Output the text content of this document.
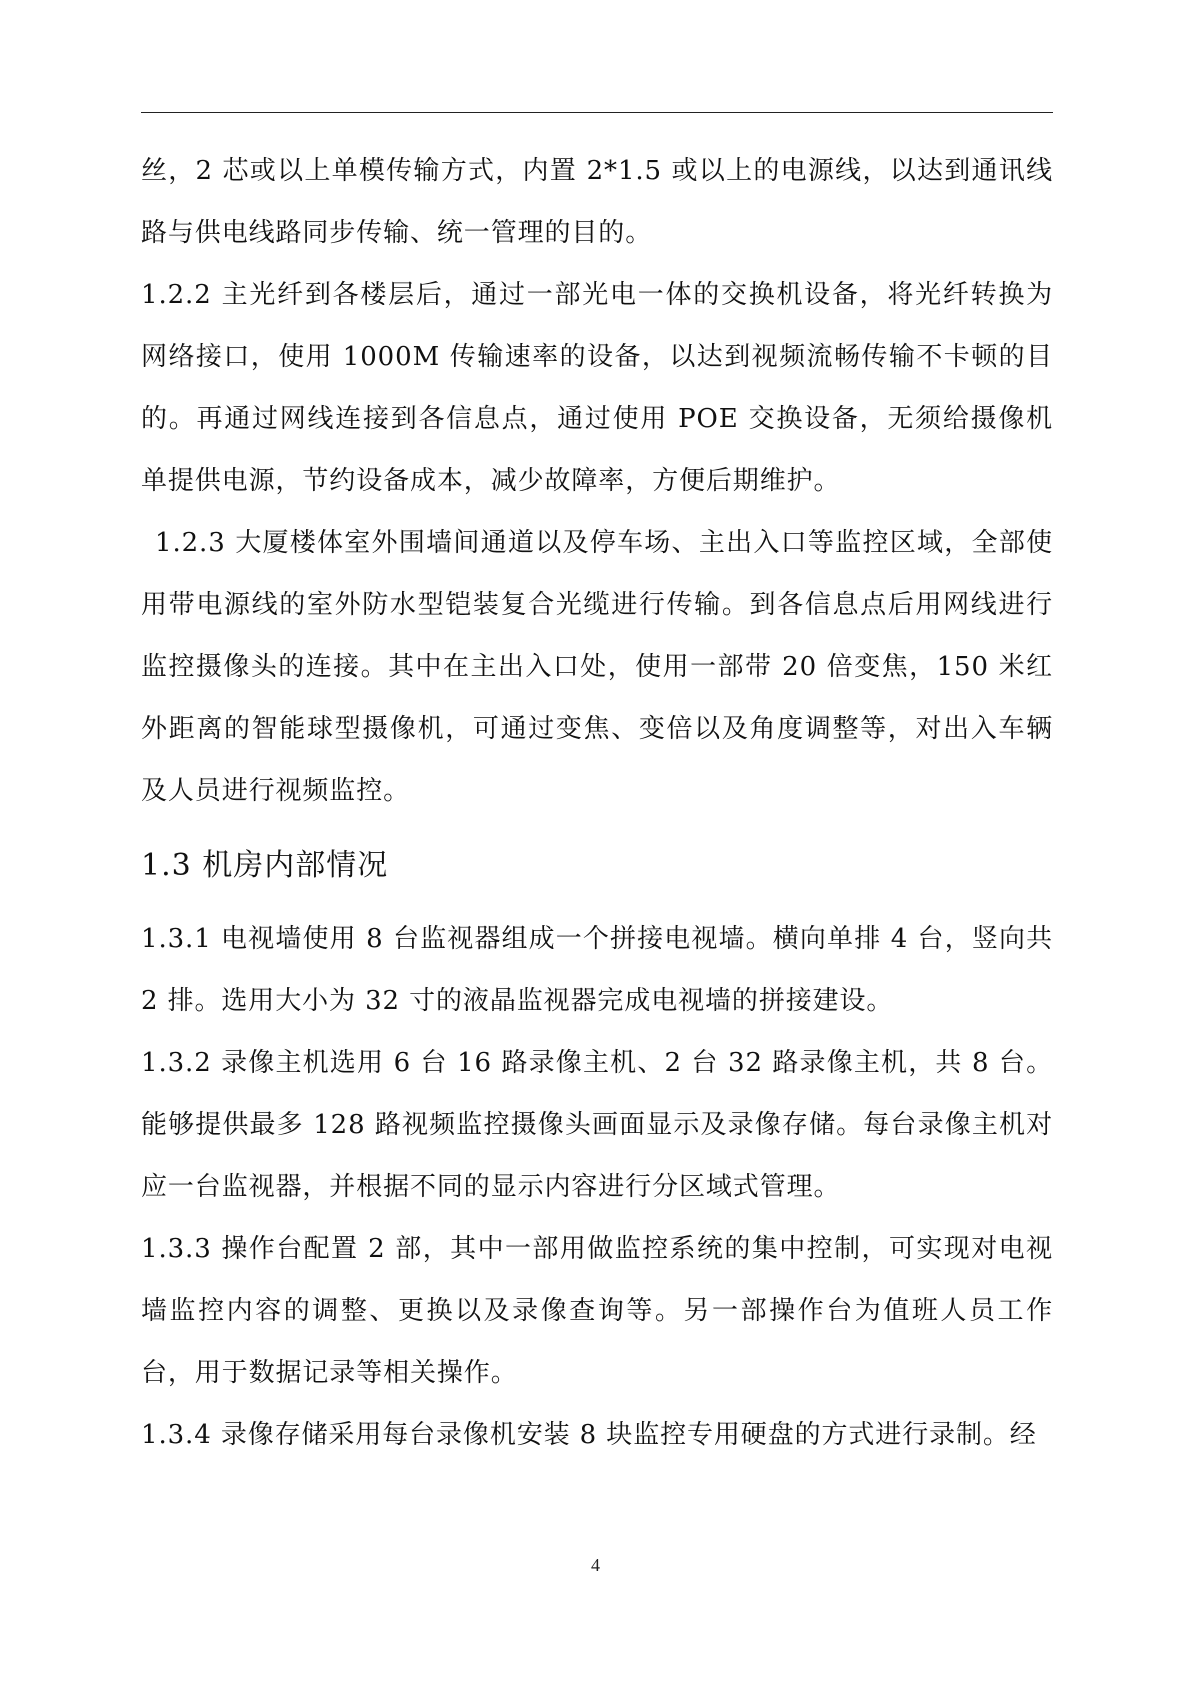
丝，2 芯或以上单模传输方式，内置 2*1.5 或以上的电源线，以达到通讯线路与供电线路同步传输、统一管理的目的。

1.2.2 主光纤到各楼层后，通过一部光电一体的交换机设备，将光纤转换为网络接口，使用 1000M 传输速率的设备，以达到视频流畅传输不卡顿的目的。再通过网线连接到各信息点，通过使用 POE 交换设备，无须给摄像机单提供电源，节约设备成本，减少故障率，方便后期维护。

1.2.3 大厦楼体室外围墙间通道以及停车场、主出入口等监控区域，全部使用带电源线的室外防水型铠装复合光缆进行传输。到各信息点后用网线进行监控摄像头的连接。其中在主出入口处，使用一部带 20 倍变焦，150 米红外距离的智能球型摄像机，可通过变焦、变倍以及角度调整等，对出入车辆及人员进行视频监控。

1.3 机房内部情况

1.3.1 电视墙使用 8 台监视器组成一个拼接电视墙。横向单排 4 台，竖向共 2 排。选用大小为 32 寸的液晶监视器完成电视墙的拼接建设。

1.3.2 录像主机选用 6 台 16 路录像主机、2 台 32 路录像主机，共 8 台。能够提供最多 128 路视频监控摄像头画面显示及录像存储。每台录像主机对应一台监视器，并根据不同的显示内容进行分区域式管理。

1.3.3 操作台配置 2 部，其中一部用做监控系统的集中控制，可实现对电视墙监控内容的调整、更换以及录像查询等。另一部操作台为值班人员工作台，用于数据记录等相关操作。

1.3.4 录像存储采用每台录像机安装 8 块监控专用硬盘的方式进行录制。经

4
